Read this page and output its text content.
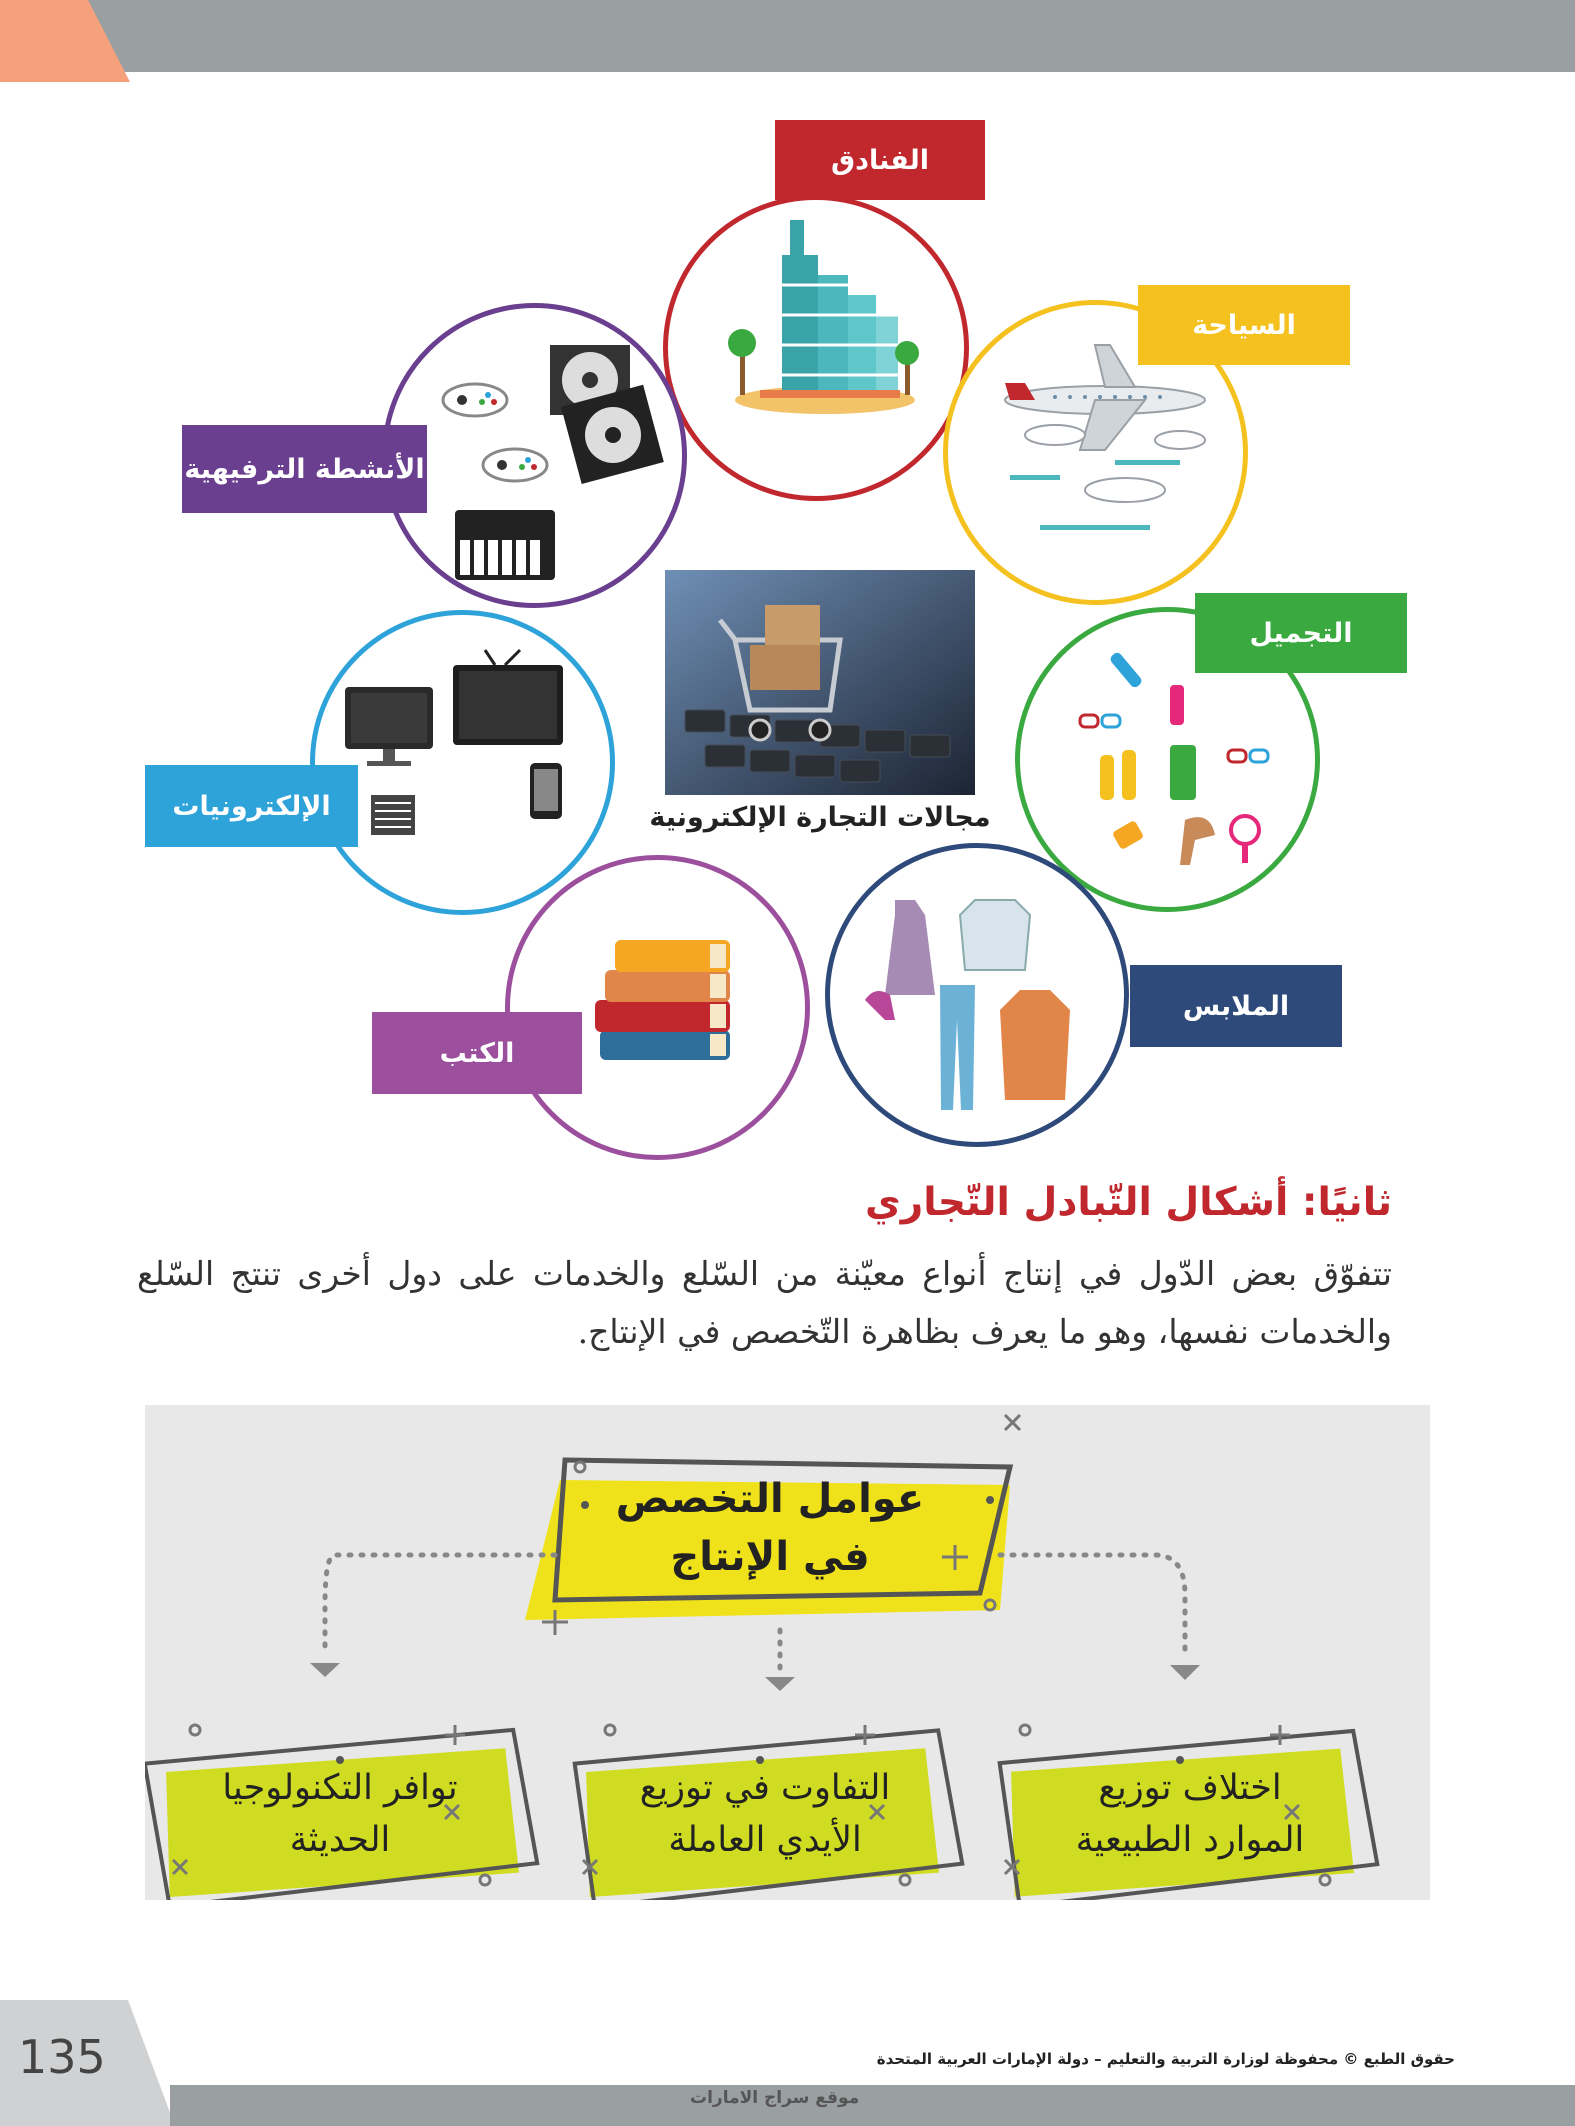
الفنادق
السياحة
التجميل
الملابس
الكتب
الإلكترونيات
الأنشطة الترفيهية
مجالات التجارة الإلكترونية
ثانيًا: أشكال التّبادل التّجاري
تتفوّق بعض الدّول في إنتاج أنواع معيّنة من السّلع والخدمات على دول أخرى تنتج السّلع والخدمات نفسها، وهو ما يعرف بظاهرة التّخصص في الإنتاج.
عوامل التخصص
في الإنتاج
اختلاف توزيع
الموارد الطبيعية
التفاوت في توزيع
الأيدي العاملة
توافر التكنولوجيا
الحديثة
135	حقوق الطبع © محفوظة لوزارة التربية والتعليم – دولة الإمارات العربية المتحدة
موقع سراج الامارات
